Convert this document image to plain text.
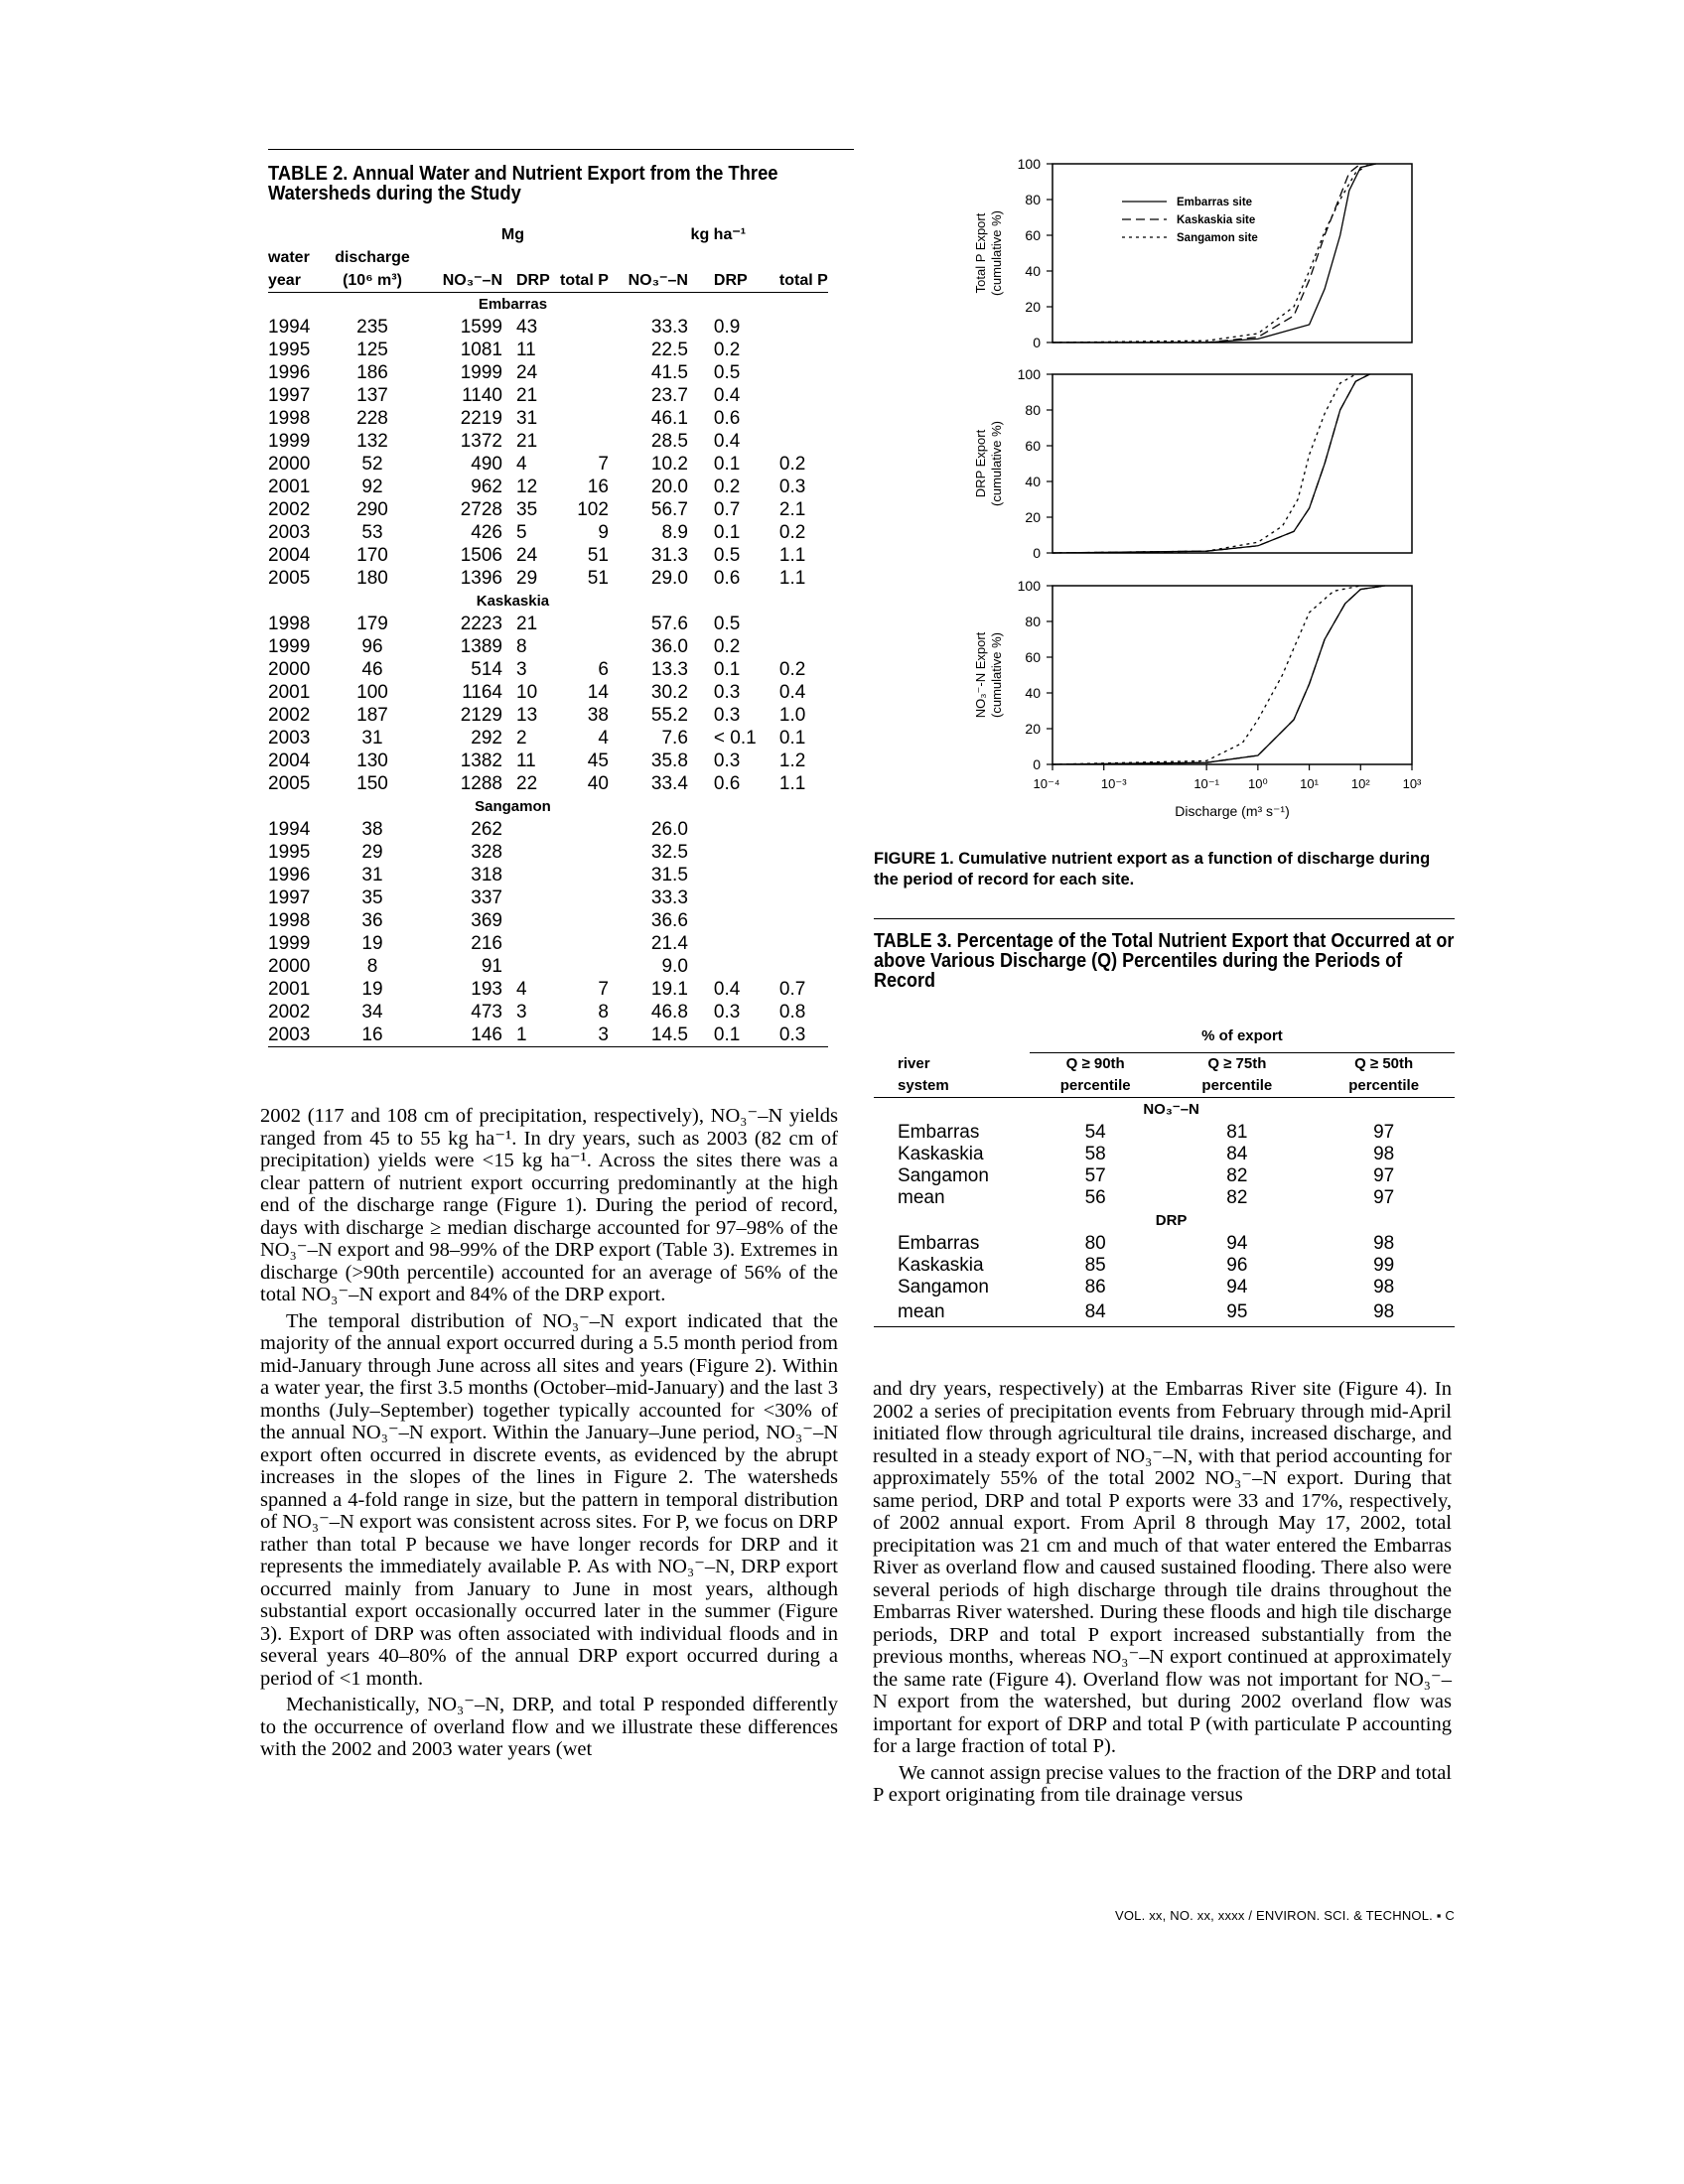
TABLE 2. Annual Water and Nutrient Export from the Three Watersheds during the Study
		Mg			kg ha⁻¹		
water	discharge						
year	(10⁶ m³)	NO₃⁻–N	DRP	total P	NO₃⁻–N	DRP	total P
		Embarras					
1994	235	1599	43		33.3	0.9	
1995	125	1081	11		22.5	0.2	
1996	186	1999	24		41.5	0.5	
1997	137	1140	21		23.7	0.4	
1998	228	2219	31		46.1	0.6	
1999	132	1372	21		28.5	0.4	
2000	52	490	4	7	10.2	0.1	0.2
2001	92	962	12	16	20.0	0.2	0.3
2002	290	2728	35	102	56.7	0.7	2.1
2003	53	426	5	9	8.9	0.1	0.2
2004	170	1506	24	51	31.3	0.5	1.1
2005	180	1396	29	51	29.0	0.6	1.1
		Kaskaskia					
1998	179	2223	21		57.6	0.5	
1999	96	1389	8		36.0	0.2	
2000	46	514	3	6	13.3	0.1	0.2
2001	100	1164	10	14	30.2	0.3	0.4
2002	187	2129	13	38	55.2	0.3	1.0
2003	31	292	2	4	7.6	< 0.1	0.1
2004	130	1382	11	45	35.8	0.3	1.2
2005	150	1288	22	40	33.4	0.6	1.1
		Sangamon					
1994	38	262			26.0		
1995	29	328			32.5		
1996	31	318			31.5		
1997	35	337			33.3		
1998	36	369			36.6		
1999	19	216			21.4		
2000	8	91			9.0		
2001	19	193	4	7	19.1	0.4	0.7
2002	34	473	3	8	46.8	0.3	0.8
2003	16	146	1	3	14.5	0.1	0.3

2002 (117 and 108 cm of precipitation, respectively), NO₃⁻–N yields ranged from 45 to 55 kg ha⁻¹. In dry years, such as 2003 (82 cm of precipitation) yields were <15 kg ha⁻¹. Across the sites there was a clear pattern of nutrient export occurring predominantly at the high end of the discharge range (Figure 1). During the period of record, days with discharge ≥ median discharge accounted for 97–98% of the NO₃⁻–N export and 98–99% of the DRP export (Table 3). Extremes in discharge (>90th percentile) accounted for an average of 56% of the total NO₃⁻–N export and 84% of the DRP export.

The temporal distribution of NO₃⁻–N export indicated that the majority of the annual export occurred during a 5.5 month period from mid-January through June across all sites and years (Figure 2). Within a water year, the first 3.5 months (October–mid-January) and the last 3 months (July–September) together typically accounted for <30% of the annual NO₃⁻–N export. Within the January–June period, NO₃⁻–N export often occurred in discrete events, as evidenced by the abrupt increases in the slopes of the lines in Figure 2. The watersheds spanned a 4-fold range in size, but the pattern in temporal distribution of NO₃⁻–N export was consistent across sites. For P, we focus on DRP rather than total P because we have longer records for DRP and it represents the immediately available P. As with NO₃⁻–N, DRP export occurred mainly from January to June in most years, although substantial export occasionally occurred later in the summer (Figure 3). Export of DRP was often associated with individual floods and in several years 40–80% of the annual DRP export occurred during a period of <1 month.

Mechanistically, NO₃⁻–N, DRP, and total P responded differently to the occurrence of overland flow and we illustrate these differences with the 2002 and 2003 water years (wet

0
20
40
60
80
100
Total P Export (cumulative %)
0
20
40
60
80
100
DRP Export (cumulative %)
0
20
40
60
80
100
NO₃⁻-N Export (cumulative %)
Embarras site
Kaskaskia site
Sangamon site
10⁻⁴	10⁻³	10⁻¹ 10⁰ 10¹	10²	10³
Discharge (m³ s⁻¹)
FIGURE 1. Cumulative nutrient export as a function of discharge during the period of record for each site.
TABLE 3. Percentage of the Total Nutrient Export that Occurred at or above Various Discharge (Q) Percentiles during the Periods of Record
	% of export		
river	Q ≥ 90th	Q ≥ 75th	Q ≥ 50th
system	percentile	percentile	percentile
	NO₃⁻–N		
Embarras	54	81	97
Kaskaskia	58	84	98
Sangamon	57	82	97
mean	56	82	97
	DRP		
Embarras	80	94	98
Kaskaskia	85	96	99
Sangamon	86	94	98
mean	84	95	98

and dry years, respectively) at the Embarras River site (Figure 4). In 2002 a series of precipitation events from February through mid-April initiated flow through agricultural tile drains, increased discharge, and resulted in a steady export of NO₃⁻–N, with that period accounting for approximately 55% of the total 2002 NO₃⁻–N export. During that same period, DRP and total P exports were 33 and 17%, respectively, of 2002 annual export. From April 8 through May 17, 2002, total precipitation was 21 cm and much of that water entered the Embarras River as overland flow and caused sustained flooding. There also were several periods of high discharge through tile drains throughout the Embarras River watershed. During these floods and high tile discharge periods, DRP and total P export increased substantially from the previous months, whereas NO₃⁻–N export continued at approximately the same rate (Figure 4). Overland flow was not important for NO₃⁻–N export from the watershed, but during 2002 overland flow was important for export of DRP and total P (with particulate P accounting for a large fraction of total P).

We cannot assign precise values to the fraction of the DRP and total P export originating from tile drainage versus

VOL. xx, NO. xx, xxxx / ENVIRON. SCI. & TECHNOL. ▪ C
